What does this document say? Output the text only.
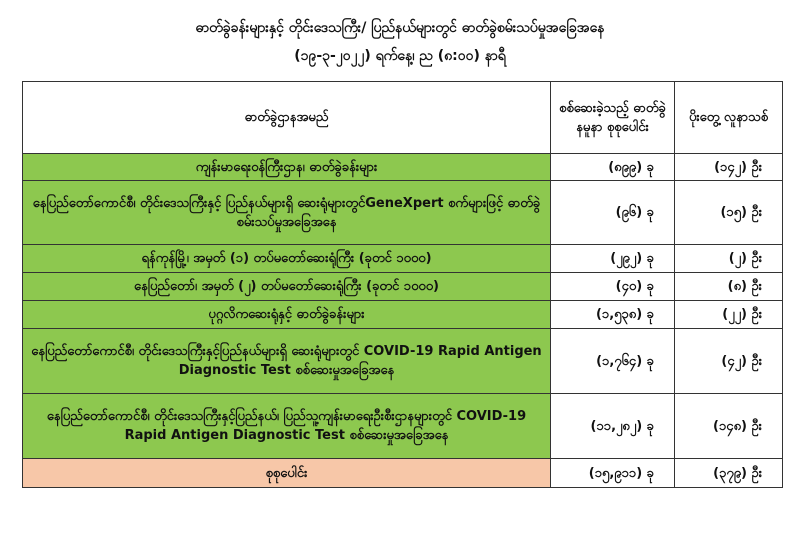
ဓာတ်ခွဲခန်းများနှင့် တိုင်းဒေသကြီး/ ပြည်နယ်များတွင် ဓာတ်ခွဲစမ်းသပ်မှုအခြေအနေ
(၁၉-၃-၂၀၂၂) ရက်နေ့၊ ည (၈:၀၀) နာရီ
ဓာတ်ခွဲဌာနအမည်	စစ်ဆေးခဲ့သည့် ဓာတ်ခွဲနမူနာ စုစုပေါင်း	ပိုးတွေ့ လူနာသစ်
ကျန်းမာရေးဝန်ကြီးဌာန၊ ဓာတ်ခွဲခန်းများ	(၈၉၉) ခု	(၁၄၂) ဦး
နေပြည်တော်ကောင်စီ၊ တိုင်းဒေသကြီးနှင့် ပြည်နယ်များရှိ ဆေးရုံများတွင်GeneXpert စက်များဖြင့် ဓာတ်ခွဲစမ်းသပ်မှုအခြေအနေ	(၉၆) ခု	(၁၅) ဦး
ရန်ကုန်မြို့၊ အမှတ် (၁) တပ်မတော်ဆေးရုံကြီး (ခုတင် ၁၀၀၀)	(၂၉၂) ခု	(၂) ဦး
နေပြည်တော်၊ အမှတ် (၂) တပ်မတော်ဆေးရုံကြီး (ခုတင် ၁၀၀၀)	(၄၀) ခု	(၈) ဦး
ပုဂ္ဂလိကဆေးရုံနှင့် ဓာတ်ခွဲခန်းများ	(၁,၅၃၈) ခု	(၂၂) ဦး
နေပြည်တော်ကောင်စီ၊ တိုင်းဒေသကြီးနှင့်ပြည်နယ်များရှိ ဆေးရုံများတွင် COVID-19 Rapid Antigen Diagnostic Test စစ်ဆေးမှုအခြေအနေ	(၁,၇၆၄) ခု	(၄၂) ဦး
နေပြည်တော်ကောင်စီ၊ တိုင်းဒေသကြီးနှင့်ပြည်နယ်၊ ပြည်သူ့ကျန်းမာရေးဦးစီးဌာနများတွင် COVID-19 Rapid Antigen Diagnostic Test စစ်ဆေးမှုအခြေအနေ	(၁၁,၂၈၂) ခု	(၁၄၈) ဦး
စုစုပေါင်း	(၁၅,၉၁၁) ခု	(၃၇၉) ဦး
